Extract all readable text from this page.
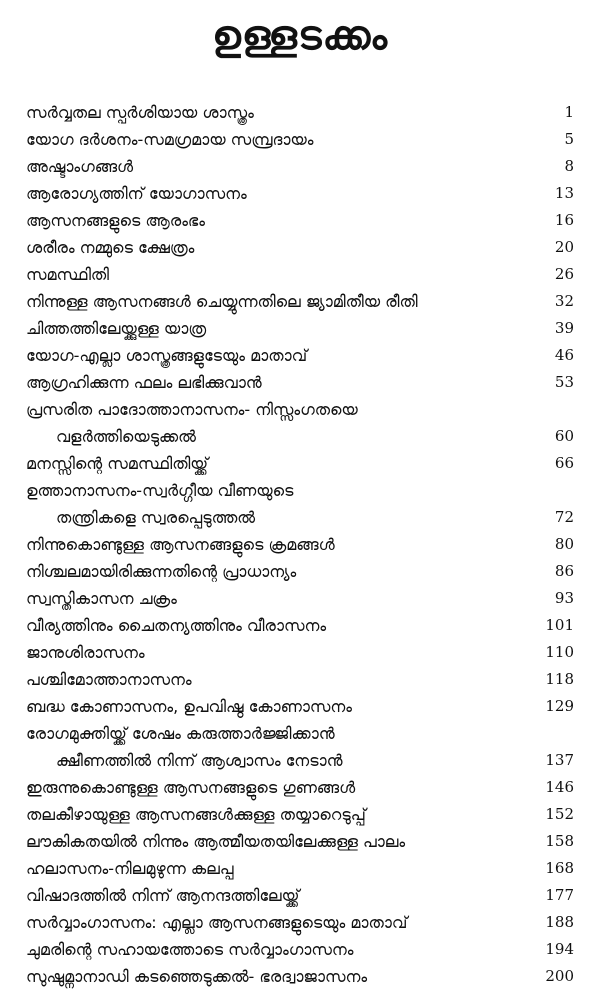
ഉള്ളടക്കം
സർവ്വതല സ്പർശിയായ ശാസ്ത്രം	1
യോഗ ദർശനം-സമഗ്രമായ സമ്പ്രദായം	5
അഷ്ടാംഗങ്ങൾ	8
ആരോഗ്യത്തിന് യോഗാസനം	13
ആസനങ്ങളുടെ ആരംഭം	16
ശരീരം നമ്മുടെ ക്ഷേത്രം	20
സമസ്ഥിതി	26
നിന്നുള്ള ആസനങ്ങൾ ചെയ്യുന്നതിലെ ജ്യാമിതീയ രീതി	32
ചിത്തത്തിലേയ്ക്കുള്ള യാത്ര	39
യോഗ-എല്ലാ ശാസ്ത്രങ്ങളുടേയും മാതാവ്	46
ആഗ്രഹിക്കുന്ന ഫലം ലഭിക്കുവാൻ	53
പ്രസരിത പാദോത്താനാസനം- നിസ്സംഗതയെ
വളർത്തിയെടുക്കൽ	60
മനസ്സിന്റെ സമസ്ഥിതിയ്ക്ക്	66
ഉത്താനാസനം-സ്വർഗ്ഗീയ വീണയുടെ
തന്ത്രികളെ സ്വരപ്പെടുത്തൽ	72
നിന്നുകൊണ്ടുള്ള ആസനങ്ങളുടെ ക്രമങ്ങൾ	80
നിശ്ചലമായിരിക്കുന്നതിന്റെ പ്രാധാന്യം	86
സ്വസ്തികാസന ചക്രം	93
വീര്യത്തിനും ചൈതന്യത്തിനും വീരാസനം	101
ജാനുശിരാസനം	110
പശ്ചിമോത്താനാസനം	118
ബദ്ധ കോണാസനം, ഉപവിഷ്ഠ കോണാസനം	129
രോഗമുക്തിയ്ക്ക് ശേഷം കരുത്താർജ്ജിക്കാൻ
ക്ഷീണത്തിൽ നിന്ന് ആശ്വാസം നേടാൻ	137
ഇരുന്നുകൊണ്ടുള്ള ആസനങ്ങളുടെ ഗുണങ്ങൾ	146
തലകീഴായുള്ള ആസനങ്ങൾക്കുള്ള തയ്യാറെടുപ്പ്	152
ലൗകികതയിൽ നിന്നും ആത്മീയതയിലേക്കുള്ള പാലം	158
ഹലാസനം-നിലമുഴുന്ന കലപ്പ	168
വിഷാദത്തിൽ നിന്ന് ആനന്ദത്തിലേയ്ക്ക്	177
സർവ്വാംഗാസനം: എല്ലാ ആസനങ്ങളുടെയും മാതാവ്	188
ചുമരിന്റെ സഹായത്തോടെ സർവ്വാംഗാസനം	194
സുഷുമ്നാനാഡി കടഞ്ഞെടുക്കൽ- ഭരദ്വാജാസനം	200
